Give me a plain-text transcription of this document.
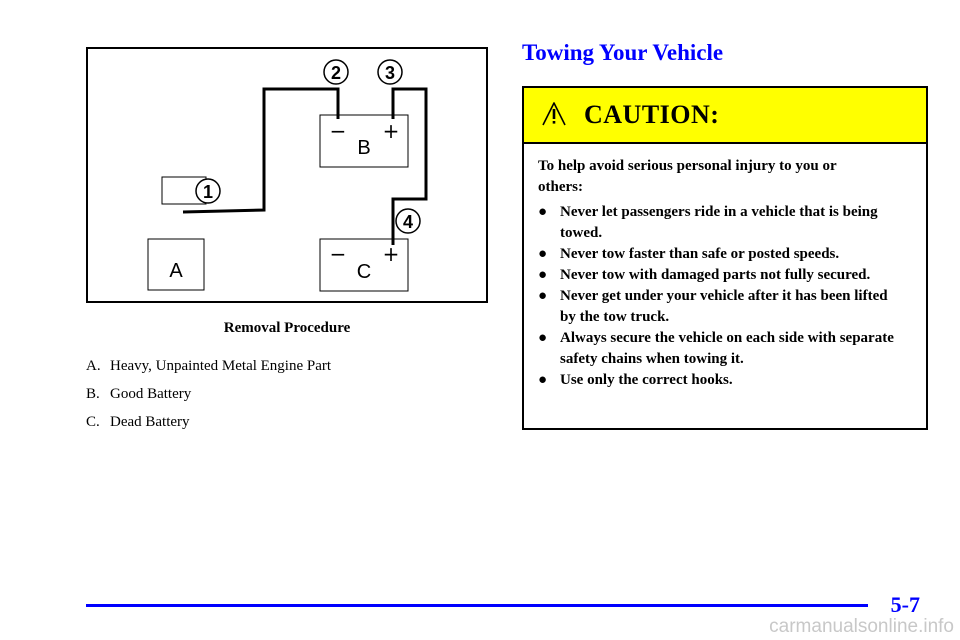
1
2 3
4
A
B
C
− +
− +
Removal Procedure
A. Heavy, Unpainted Metal Engine Part
B. Good Battery
C. Dead Battery
Towing Your Vehicle
CAUTION:

To help avoid serious personal injury to you or others:

● Never let passengers ride in a vehicle that is being towed.
● Never tow faster than safe or posted speeds.
● Never tow with damaged parts not fully secured.
● Never get under your vehicle after it has been lifted by the tow truck.
● Always secure the vehicle on each side with separate safety chains when towing it.
● Use only the correct hooks.
5-7
carmanualsonline.info
